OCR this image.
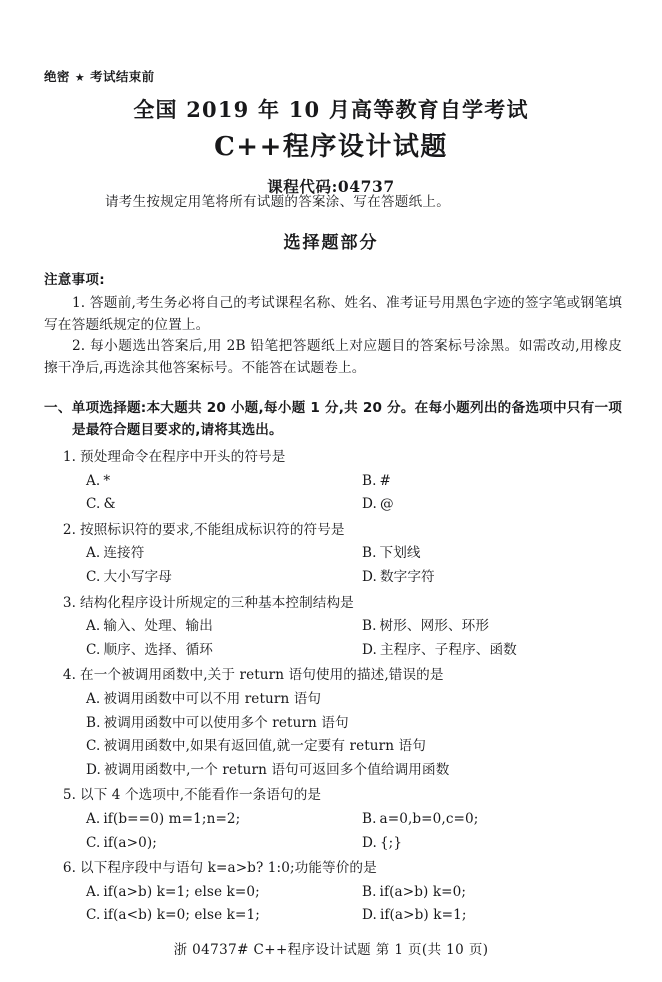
绝密 ★ 考试结束前
全国 2019 年 10 月高等教育自学考试
C++程序设计试题
课程代码:04737
请考生按规定用笔将所有试题的答案涂、写在答题纸上。
选择题部分
注意事项:
1. 答题前,考生务必将自己的考试课程名称、姓名、准考证号用黑色字迹的签字笔或钢笔填写在答题纸规定的位置上。
2. 每小题选出答案后,用 2B 铅笔把答题纸上对应题目的答案标号涂黑。如需改动,用橡皮擦干净后,再选涂其他答案标号。不能答在试题卷上。
一、单项选择题:本大题共 20 小题,每小题 1 分,共 20 分。在每小题列出的备选项中只有一项是最符合题目要求的,请将其选出。
1. 预处理命令在程序中开头的符号是
A. *	B. #
C. &	D. @
2. 按照标识符的要求,不能组成标识符的符号是
A. 连接符	B. 下划线
C. 大小写字母	D. 数字字符
3. 结构化程序设计所规定的三种基本控制结构是
A. 输入、处理、输出	B. 树形、网形、环形
C. 顺序、选择、循环	D. 主程序、子程序、函数
4. 在一个被调用函数中,关于 return 语句使用的描述,错误的是
A. 被调用函数中可以不用 return 语句
B. 被调用函数中可以使用多个 return 语句
C. 被调用函数中,如果有返回值,就一定要有 return 语句
D. 被调用函数中,一个 return 语句可返回多个值给调用函数
5. 以下 4 个选项中,不能看作一条语句的是
A. if(b==0) m=1;n=2;	B. a=0,b=0,c=0;
C. if(a>0);	D. {;}
6. 以下程序段中与语句 k=a>b? 1:0;功能等价的是
A. if(a>b) k=1; else k=0;	B. if(a>b) k=0;
C. if(a<b) k=0; else k=1;	D. if(a>b) k=1;
浙 04737# C++程序设计试题 第 1 页(共 10 页)
